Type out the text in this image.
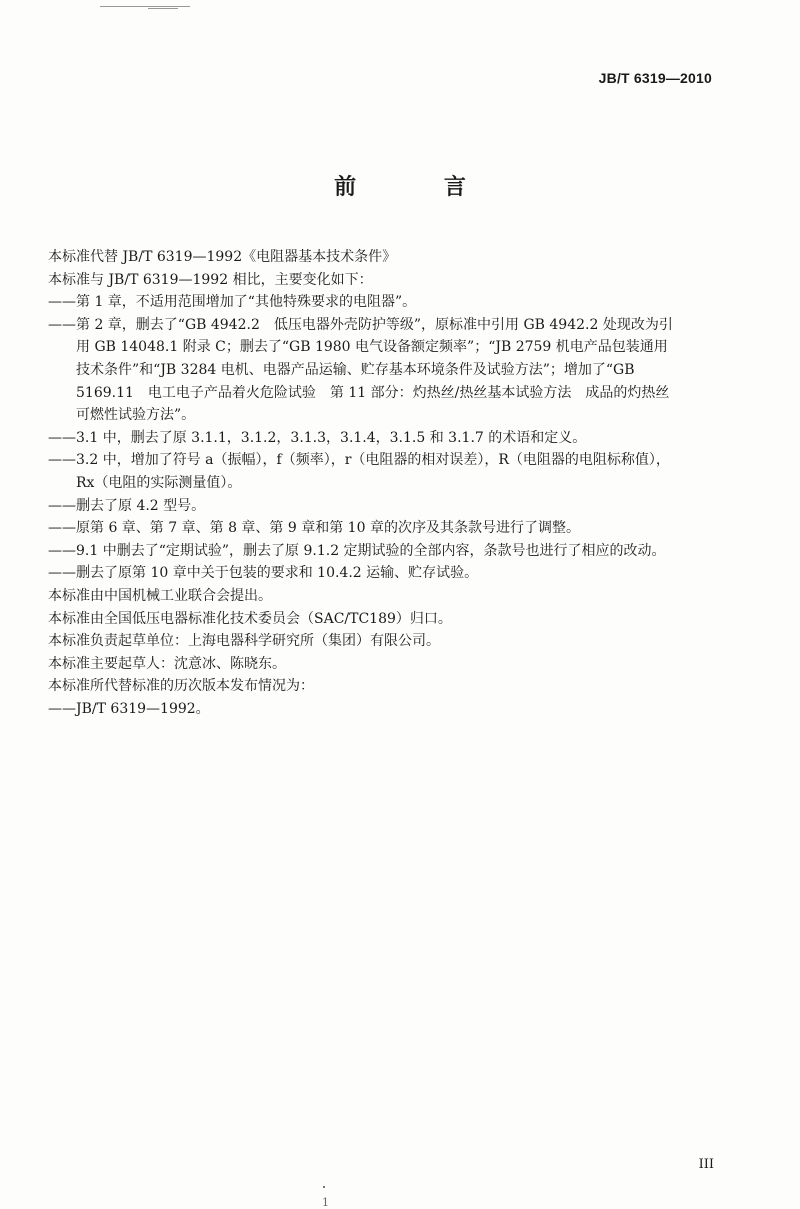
JB/T 6319—2010
前 言

本标准代替 JB/T 6319—1992《电阻器基本技术条件》

本标准与 JB/T 6319—1992 相比，主要变化如下：

——第 1 章，不适用范围增加了“其他特殊要求的电阻器”。

——第 2 章，删去了“GB 4942.2　低压电器外壳防护等级”，原标准中引用 GB 4942.2 处现改为引

用 GB 14048.1 附录 C；删去了“GB 1980 电气设备额定频率”；“JB 2759 机电产品包装通用

技术条件”和“JB 3284 电机、电器产品运输、贮存基本环境条件及试验方法”；增加了“GB

5169.11　电工电子产品着火危险试验　第 11 部分：灼热丝/热丝基本试验方法　成品的灼热丝

可燃性试验方法”。

——3.1 中，删去了原 3.1.1，3.1.2，3.1.3，3.1.4，3.1.5 和 3.1.7 的术语和定义。

——3.2 中，增加了符号 a（振幅），f（频率），r（电阻器的相对误差），R（电阻器的电阻标称值），

Rx（电阻的实际测量值）。

——删去了原 4.2 型号。

——原第 6 章、第 7 章、第 8 章、第 9 章和第 10 章的次序及其条款号进行了调整。

——9.1 中删去了“定期试验”，删去了原 9.1.2 定期试验的全部内容，条款号也进行了相应的改动。

——删去了原第 10 章中关于包装的要求和 10.4.2 运输、贮存试验。

本标准由中国机械工业联合会提出。

本标准由全国低压电器标准化技术委员会（SAC/TC189）归口。

本标准负责起草单位：上海电器科学研究所（集团）有限公司。

本标准主要起草人：沈意冰、陈晓东。

本标准所代替标准的历次版本发布情况为：

——JB/T 6319—1992。

III
1
